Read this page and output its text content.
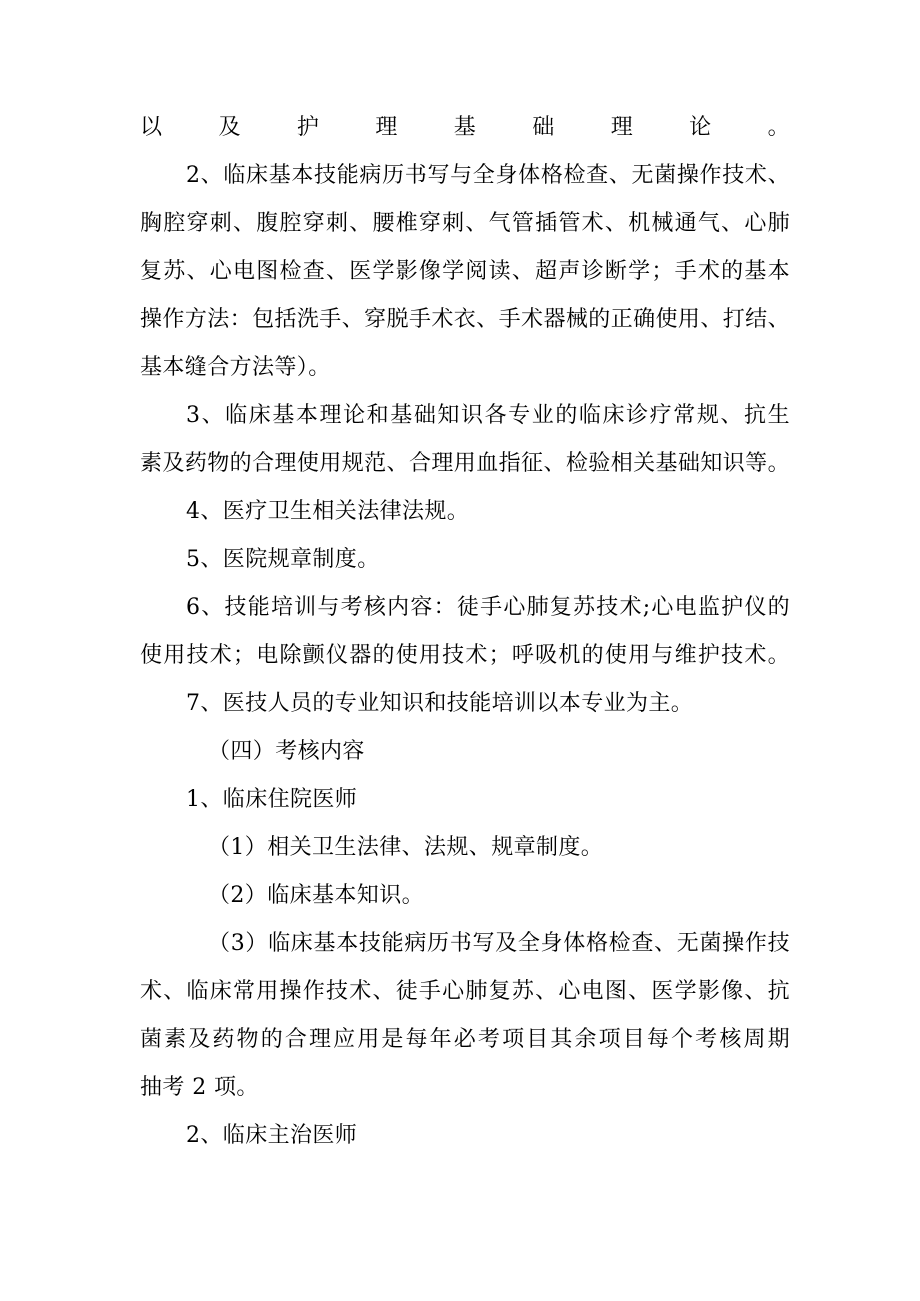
以及护理基础理论。
2、临床基本技能病历书写与全身体格检查、无菌操作技术、
胸腔穿刺、腹腔穿刺、腰椎穿刺、气管插管术、机械通气、心肺
复苏、心电图检查、医学影像学阅读、超声诊断学；手术的基本
操作方法：包括洗手、穿脱手术衣、手术器械的正确使用、打结、
基本缝合方法等）。
3、临床基本理论和基础知识各专业的临床诊疗常规、抗生
素及药物的合理使用规范、合理用血指征、检验相关基础知识等。
4、医疗卫生相关法律法规。
5、医院规章制度。
6、技能培训与考核内容：徒手心肺复苏技术;心电监护仪的
使用技术；电除颤仪器的使用技术；呼吸机的使用与维护技术。
7、医技人员的专业知识和技能培训以本专业为主。
（四）考核内容
1、临床住院医师
（1）相关卫生法律、法规、规章制度。
（2）临床基本知识。
（3）临床基本技能病历书写及全身体格检查、无菌操作技
术、临床常用操作技术、徒手心肺复苏、心电图、医学影像、抗
菌素及药物的合理应用是每年必考项目其余项目每个考核周期
抽考 2 项。
2、临床主治医师
